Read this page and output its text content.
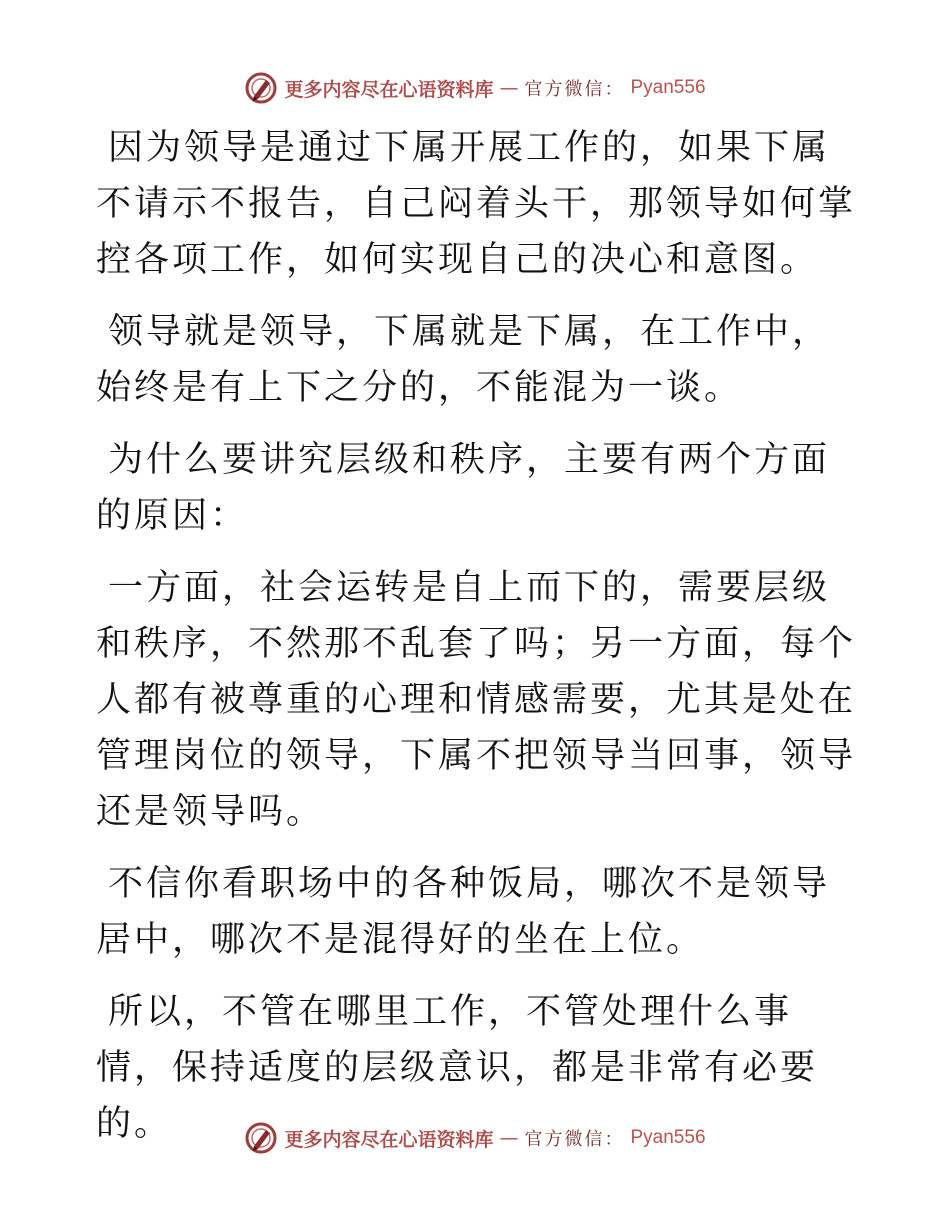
更多内容尽在心语资料库 — 官方微信： Pyan556

因为领导是通过下属开展工作的，如果下属不请示不报告，自己闷着头干，那领导如何掌控各项工作，如何实现自己的决心和意图。

领导就是领导，下属就是下属，在工作中，始终是有上下之分的，不能混为一谈。

为什么要讲究层级和秩序，主要有两个方面的原因：

一方面，社会运转是自上而下的，需要层级和秩序，不然那不乱套了吗；另一方面，每个人都有被尊重的心理和情感需要，尤其是处在管理岗位的领导，下属不把领导当回事，领导还是领导吗。

不信你看职场中的各种饭局，哪次不是领导居中，哪次不是混得好的坐在上位。

所以，不管在哪里工作，不管处理什么事情，保持适度的层级意识，都是非常有必要的。	更多内容尽在心语资料库 — 官方微信： Pyan556
